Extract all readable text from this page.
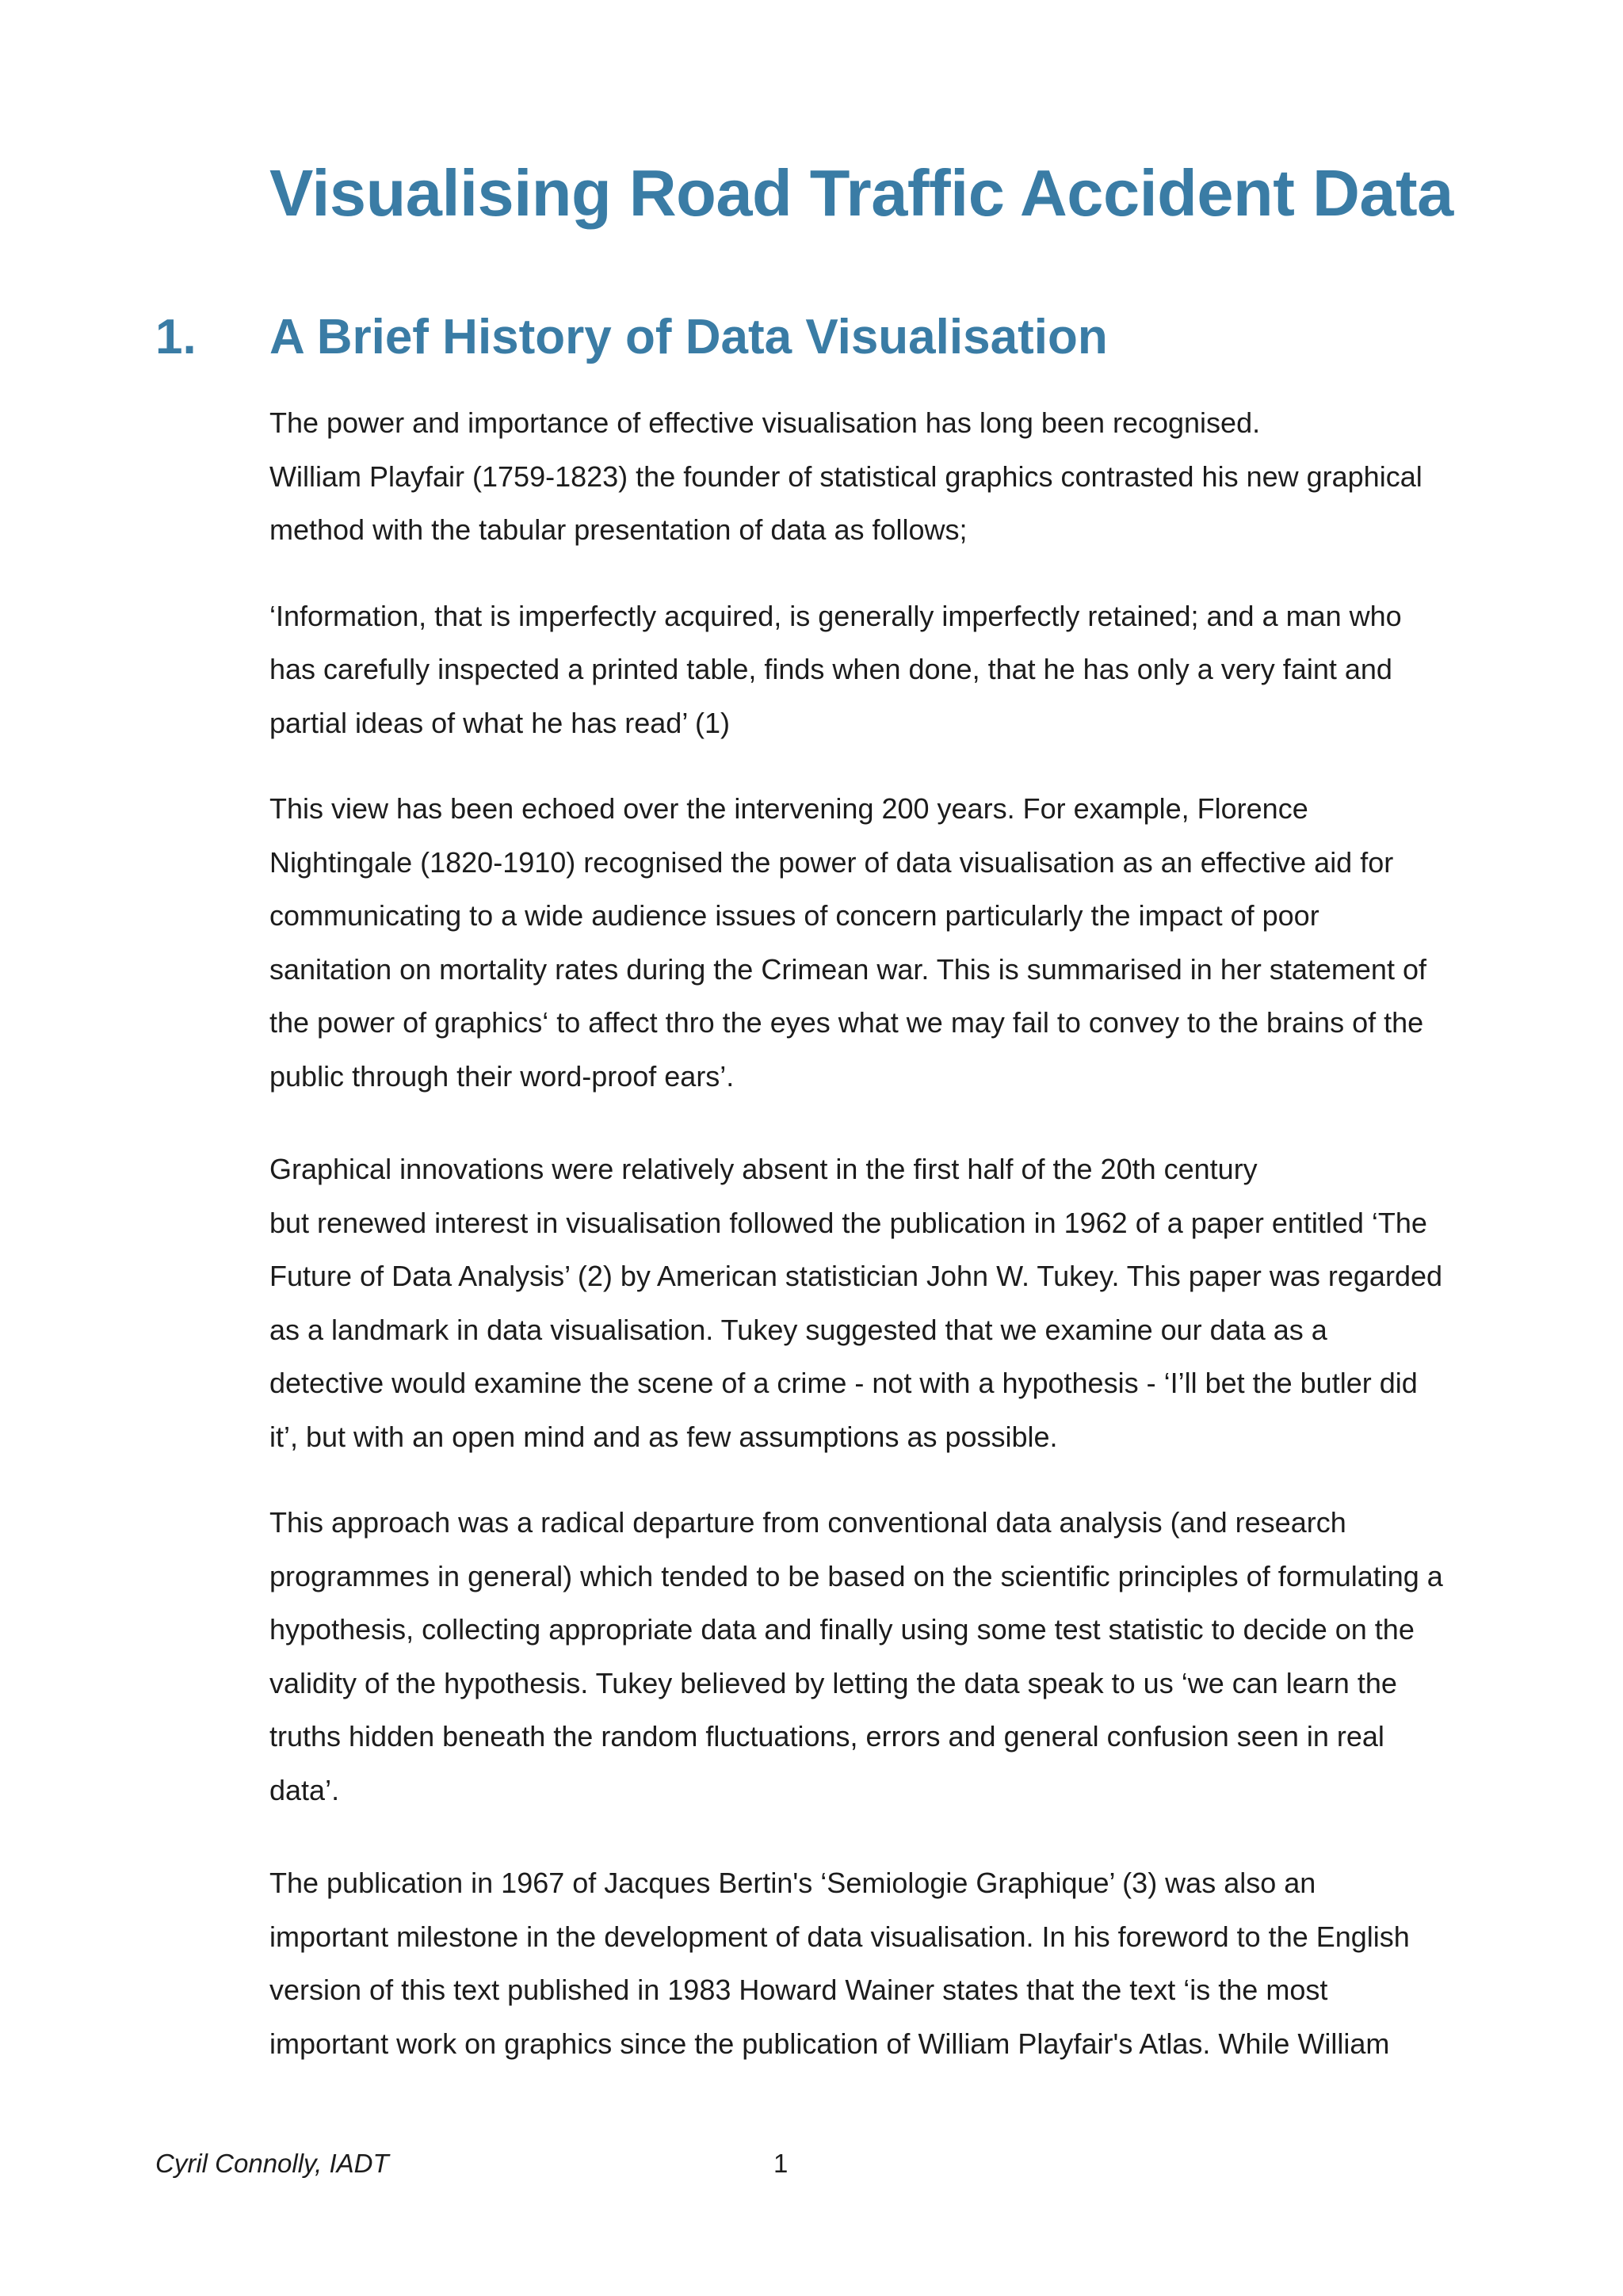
Visualising Road Traffic Accident Data
1. A Brief History of Data Visualisation

The power and importance of effective visualisation has long been recognised.
William Playfair (1759-1823) the founder of statistical graphics contrasted his new graphical
method with the tabular presentation of data as follows;

‘Information, that is imperfectly acquired, is generally imperfectly retained; and a man who
has carefully inspected a printed table, finds when done, that he has only a very faint and
partial ideas of what he has read’ (1)

This view has been echoed over the intervening 200 years. For example, Florence
Nightingale (1820-1910) recognised the power of data visualisation as an effective aid for
communicating to a wide audience issues of concern particularly the impact of poor
sanitation on mortality rates during the Crimean war. This is summarised in her statement of
the power of graphics‘ to affect thro the eyes what we may fail to convey to the brains of the
public through their word-proof ears’.

Graphical innovations were relatively absent in the first half of the 20th century
but renewed interest in visualisation followed the publication in 1962 of a paper entitled ‘The
Future of Data Analysis’ (2) by American statistician John W. Tukey. This paper was regarded
as a landmark in data visualisation. Tukey suggested that we examine our data as a
detective would examine the scene of a crime - not with a hypothesis - ‘I’ll bet the butler did
it’, but with an open mind and as few assumptions as possible.

This approach was a radical departure from conventional data analysis (and research
programmes in general) which tended to be based on the scientific principles of formulating a
hypothesis, collecting appropriate data and finally using some test statistic to decide on the
validity of the hypothesis. Tukey believed by letting the data speak to us ‘we can learn the
truths hidden beneath the random fluctuations, errors and general confusion seen in real
data’.

The publication in 1967 of Jacques Bertin's ‘Semiologie Graphique’ (3) was also an
important milestone in the development of data visualisation. In his foreword to the English
version of this text published in 1983 Howard Wainer states that the text ‘is the most
important work on graphics since the publication of William Playfair's Atlas. While William

Cyril Connolly, IADT	1
